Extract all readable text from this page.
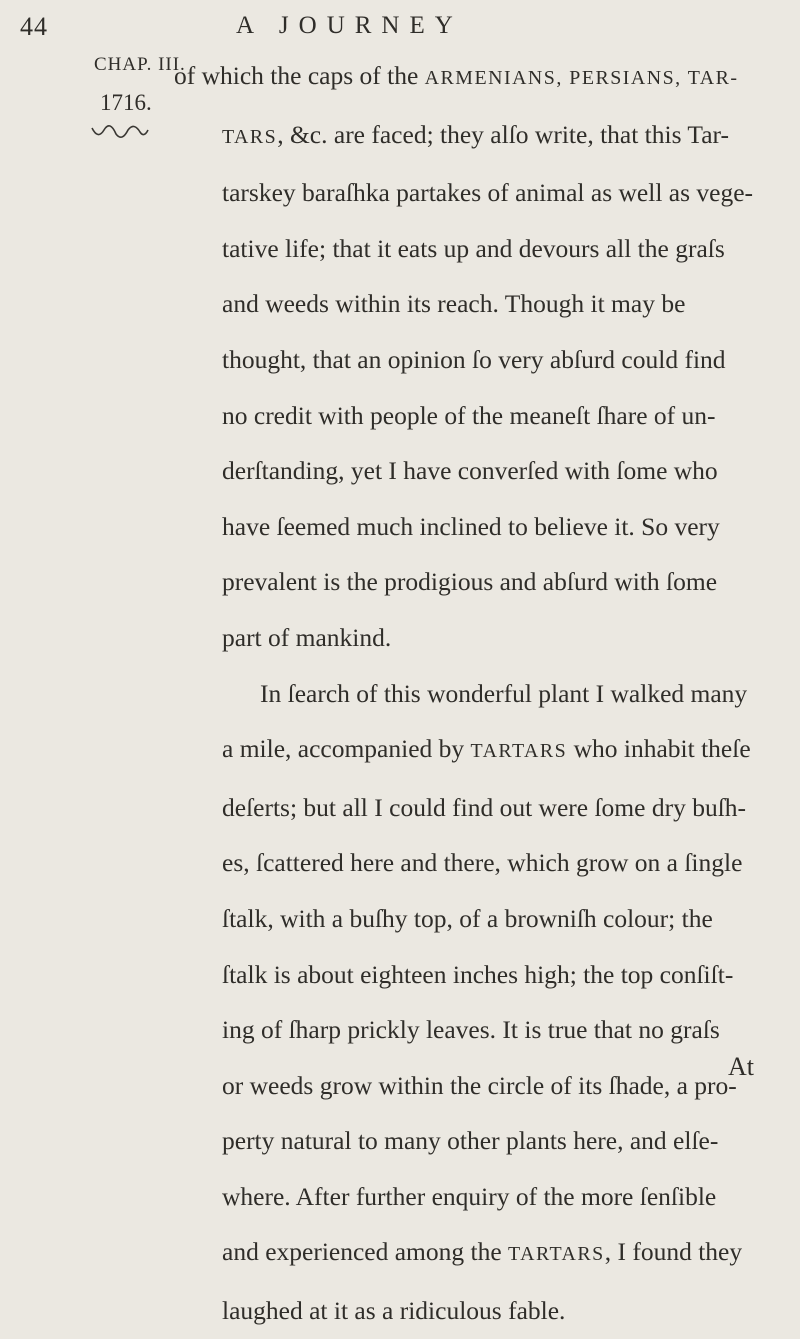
44	A JOURNEY
CHAP. III.
1716.
of which the caps of the ARMENIANS, PERSIANS, TAR-
TARS, &c. are faced; they alſo write, that this Tar-
tarskey baraſhka partakes of animal as well as vege-
tative life; that it eats up and devours all the graſs
and weeds within its reach. Though it may be
thought, that an opinion ſo very abſurd could find
no credit with people of the meaneſt ſhare of un-
derſtanding, yet I have converſed with ſome who
have ſeemed much inclined to believe it. So very
prevalent is the prodigious and abſurd with ſome
part of mankind.
In ſearch of this wonderful plant I walked many
a mile, accompanied by TARTARS who inhabit theſe
deſerts; but all I could find out were ſome dry buſh-
es, ſcattered here and there, which grow on a ſingle
ſtalk, with a buſhy top, of a browniſh colour; the
ſtalk is about eighteen inches high; the top conſiſt-
ing of ſharp prickly leaves. It is true that no graſs
or weeds grow within the circle of its ſhade, a pro-
perty natural to many other plants here, and elſe-
where. After further enquiry of the more ſenſible
and experienced among the TARTARS, I found they
laughed at it as a ridiculous fable.
At
